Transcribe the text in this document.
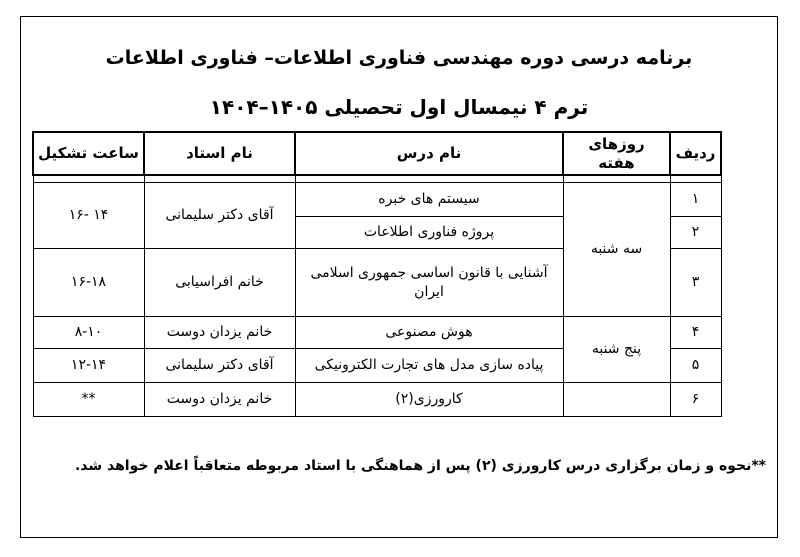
برنامه درسی دوره مهندسی فناوری اطلاعات– فناوری اطلاعات
ترم ۴ نیمسال اول تحصیلی ۱۴۰۵–۱۴۰۴
ردیف	روزهای هفته	نام درس	نام استاد	ساعت تشکیل

۱	سه شنبه	سیستم های خبره	آقای دکتر سلیمانی	۱۴ -۱۶
۲		پروژه فناوری اطلاعات		
۳		آشنایی با قانون اساسی جمهوری اسلامی ایران	خانم افراسیابی	۱۶-۱۸
۴	پنج شنبه	هوش مصنوعی	خانم یزدان دوست	۸-۱۰
۵		پیاده سازی مدل های تجارت الکترونیکی	آقای دکتر سلیمانی	۱۲-۱۴
۶		کارورزی(۲)	خانم یزدان دوست	**
**نحوه و زمان برگزاری درس کارورزی (۲) پس از هماهنگی با استاد مربوطه متعاقباً اعلام خواهد شد.
